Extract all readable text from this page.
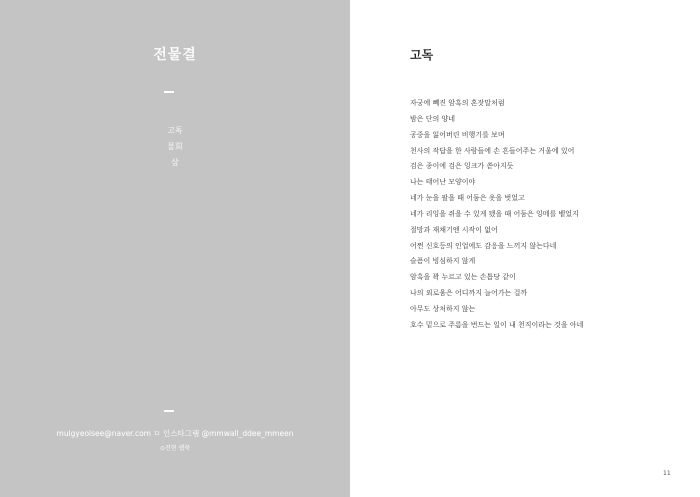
전물결
고독
물회
삼
mulgyeolsee@naver.com ㅁ 인스타그램 @mmwall_ddee_mmeen
⊙전현 웹북
고독
자궁에 뻬진 암흑의 혼잣말처럼
밤은 단의 양네
공중을 잃어버린 비행기를 보며
천사의 작답을 한 사람들에 손 흔들어주는 거울에 있어
검은 종이에 검은 잉크가 쏟아지듯
나는 태어난 모양이야
네가 눈을 팔을 때 어둠은 옷을 벗었고
네가 리잉을 쥐을 수 있게 됐을 때 어둠은 잉메를 뱉었지
절망과 재채기엔 시작이 없어
어쩐 신호등의 인업에도 감응을 느끼지 않는다네
슬픔이 빙심하지 않게
암흑을 꽉 누르고 있는 손톱당 같이
나의 외로움은 어디까지 늘어가는 걸까
아무도 상처하지 않는
호수 밑으로 주름을 번드는 일이 내 천직이라는 것을 아네
11
